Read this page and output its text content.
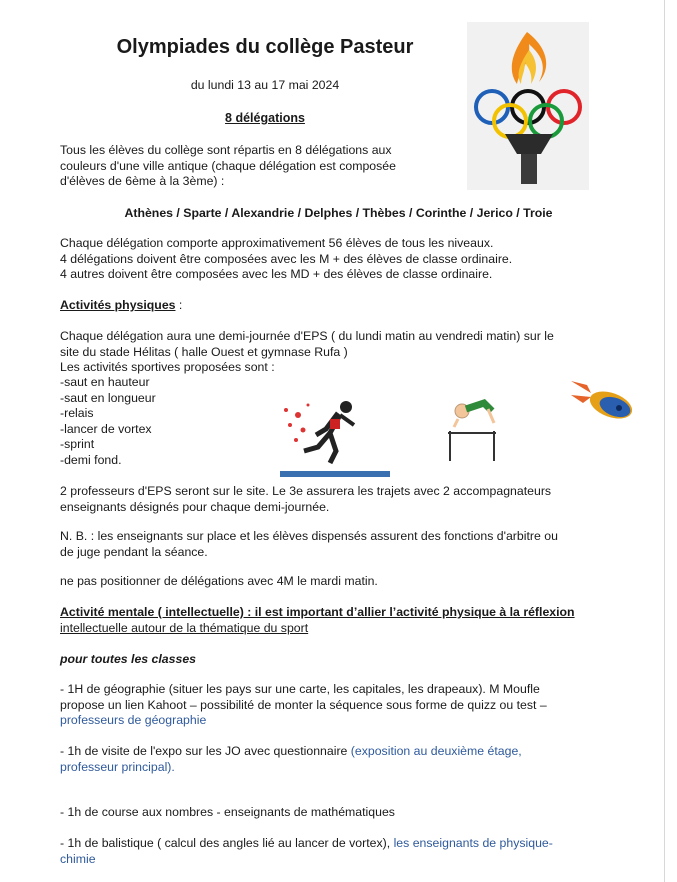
Olympiades du collège Pasteur
du lundi 13 au 17 mai 2024
8 délégations
Tous les élèves du collège sont répartis en 8 délégations aux
couleurs d'une ville antique (chaque délégation est composée
d'élèves de 6ème à la 3ème) :
Athènes / Sparte / Alexandrie / Delphes / Thèbes / Corinthe / Jerico / Troie
Chaque délégation comporte approximativement 56 élèves de tous les niveaux.
4 délégations doivent être composées avec les M + des élèves de classe ordinaire.
4 autres doivent être composées avec les MD + des élèves de classe ordinaire.
Activités physiques :
Chaque délégation aura une demi-journée d'EPS ( du lundi matin au vendredi matin) sur le
site du stade Hélitas ( halle Ouest et gymnase Rufa )
Les activités sportives proposées sont :
-saut en hauteur
-saut en longueur
-relais
-lancer de vortex
-sprint
-demi fond.
2 professeurs d'EPS seront sur le site. Le 3e assurera les trajets avec 2 accompagnateurs
enseignants désignés pour chaque demi-journée.
N. B. : les enseignants sur place et les élèves dispensés assurent des fonctions d'arbitre ou
de juge pendant la séance.
ne pas positionner de délégations avec 4M le mardi matin.
Activité mentale ( intellectuelle) : il est important d’allier l’activité physique à la réflexion
intellectuelle autour de la thématique du sport
pour toutes les classes
- 1H de géographie (situer les pays sur une carte, les capitales, les drapeaux). M Moufle
propose un lien Kahoot – possibilité de monter la séquence sous forme de quizz ou test –
professeurs de géographie
- 1h de visite de l'expo sur les JO avec questionnaire (exposition au deuxième étage,
professeur principal).
- 1h de course aux nombres - enseignants de mathématiques
- 1h de balistique ( calcul des angles lié au lancer de vortex), les enseignants de physique-
chimie
